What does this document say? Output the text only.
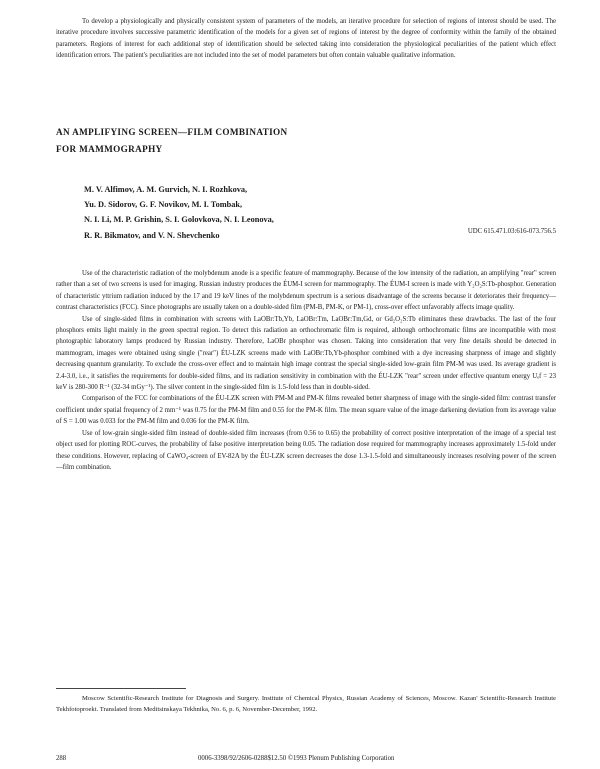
To develop a physiologically and physically consistent system of parameters of the models, an iterative procedure for selection of regions of interest should be used. The iterative procedure involves successive parametric identification of the models for a given set of regions of interest by the degree of conformity within the family of the obtained parameters. Regions of interest for each additional step of identification should be selected taking into consideration the physiological peculiarities of the patient which effect identification errors. The patient's peculiarities are not included into the set of model parameters but often contain valuable qualitative information.

AN AMPLIFYING SCREEN—FILM COMBINATION
FOR MAMMOGRAPHY
M. V. Alfimov, A. M. Gurvich, N. I. Rozhkova,
Yu. D. Sidorov, G. F. Novikov, M. I. Tombak,
N. I. Li, M. P. Grishin, S. I. Golovkova, N. I. Leonova,
R. R. Bikmatov, and V. N. Shevchenko	UDC 615.471.03:616-073.756.5

Use of the characteristic radiation of the molybdenum anode is a specific feature of mammography. Because of the low intensity of the radiation, an amplifying "rear" screen rather than a set of two screens is used for imaging. Russian industry produces the ÉUM-I screen for mammography. The ÉUM-I screen is made with Y₂O₂S:Tb-phosphor. Generation of characteristic yttrium radiation induced by the 17 and 19 keV lines of the molybdenum spectrum is a serious disadvantage of the screens because it deteriorates their frequency—contrast characteristics (FCC). Since photographs are usually taken on a double-sided film (PM-B, PM-K, or PM-1), cross-over effect unfavorably affects image quality.

Use of single-sided films in combination with screens with LaOBr:Tb,Yb, LaOBr:Tm, LaOBr:Tm,Gd, or Gd₂O₂S:Tb eliminates these drawbacks. The last of the four phosphors emits light mainly in the green spectral region. To detect this radiation an orthochromatic film is required, although orthochromatic films are incompatible with most photographic laboratory lamps produced by Russian industry. Therefore, LaOBr phosphor was chosen. Taking into consideration that very fine details should be detected in mammogram, images were obtained using single ("rear") ÉU-LZK screens made with LaOBr:Tb,Yb-phosphor combined with a dye increasing sharpness of image and slightly decreasing quantum granularity. To exclude the cross-over effect and to maintain high image contrast the special single-sided low-grain film PM-M was used. Its average gradient is 2.4-3.0, i.e., it satisfies the requirements for double-sided films, and its radiation sensitivity in combination with the ÉU-LZK "rear" screen under effective quantum energy Uₑf = 23 keV is 280-300 R⁻¹ (32-34 mGy⁻¹). The silver content in the single-sided film is 1.5-fold less than in double-sided.

Comparison of the FCC for combinations of the ÉU-LZK screen with PM-M and PM-K films revealed better sharpness of image with the single-sided film: contrast transfer coefficient under spatial frequency of 2 mm⁻¹ was 0.75 for the PM-M film and 0.55 for the PM-K film. The mean square value of the image darkening deviation from its average value of S = 1.00 was 0.033 for the PM-M film and 0.036 for the PM-K film.

Use of low-grain single-sided film instead of double-sided film increases (from 0.56 to 0.65) the probability of correct positive interpretation of the image of a special test object used for plotting ROC-curves, the probability of false positive interpretation being 0.05. The radiation dose required for mammography increases approximately 1.5-fold under these conditions. However, replacing of CaWO₄-screen of EV-82A by the ÉU-LZK screen decreases the dose 1.3-1.5-fold and simultaneously increases resolving power of the screen—film combination.

Moscow Scientific-Research Institute for Diagnosis and Surgery. Institute of Chemical Physics, Russian Academy of Sciences, Moscow. Kazan' Scientific-Research Institute Tekhfotoproekt. Translated from Meditsinskaya Tekhnika, No. 6, p. 6, November-December, 1992.

288	0006-3398/92/2606-0288$12.50 ©1993 Plenum Publishing Corporation
